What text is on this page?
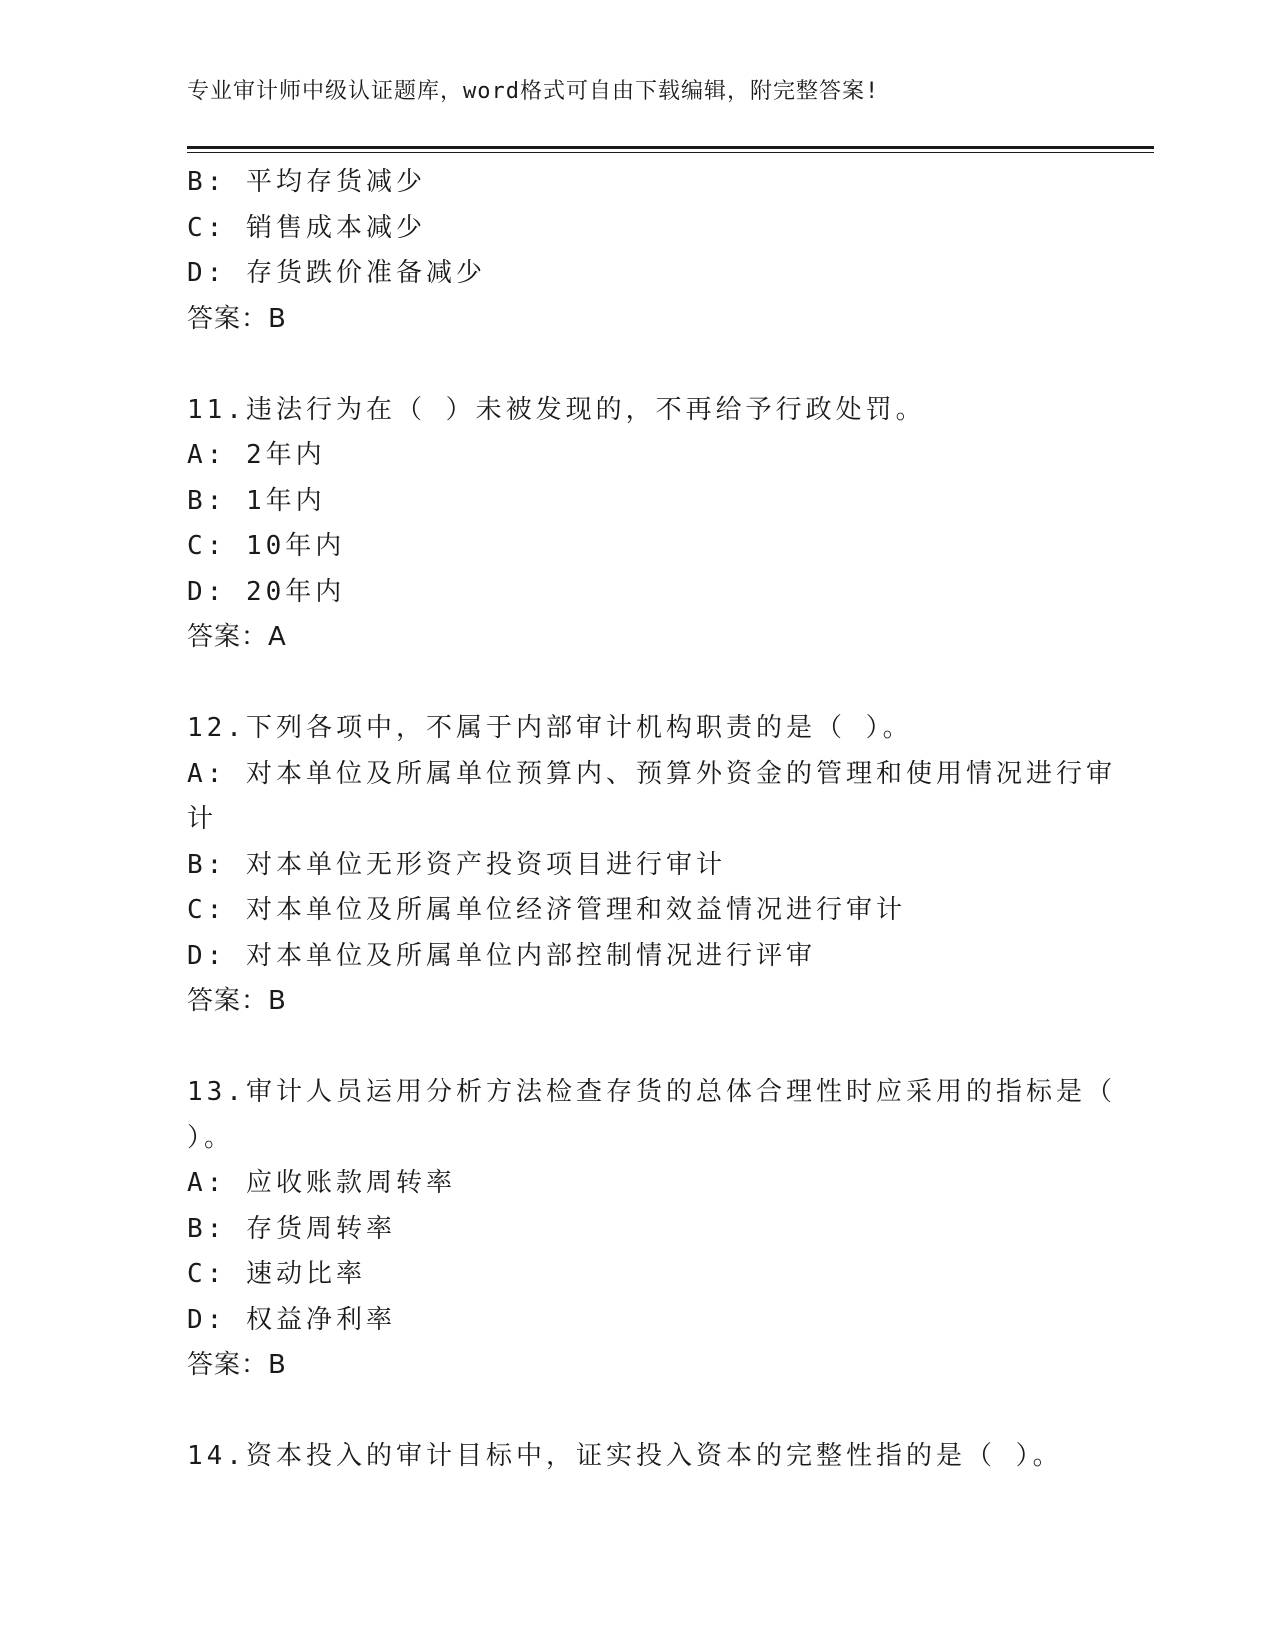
专业审计师中级认证题库，word格式可自由下载编辑，附完整答案!
B: 平均存货减少
C: 销售成本减少
D: 存货跌价准备减少
答案：B
11.违法行为在（ ）未被发现的，不再给予行政处罚。
A: 2年内
B: 1年内
C: 10年内
D: 20年内
答案：A
12.下列各项中，不属于内部审计机构职责的是（ ）。
A: 对本单位及所属单位预算内、预算外资金的管理和使用情况进行审
计
B: 对本单位无形资产投资项目进行审计
C: 对本单位及所属单位经济管理和效益情况进行审计
D: 对本单位及所属单位内部控制情况进行评审
答案：B
13.审计人员运用分析方法检查存货的总体合理性时应采用的指标是（
）。
A: 应收账款周转率
B: 存货周转率
C: 速动比率
D: 权益净利率
答案：B
14.资本投入的审计目标中，证实投入资本的完整性指的是（ ）。
